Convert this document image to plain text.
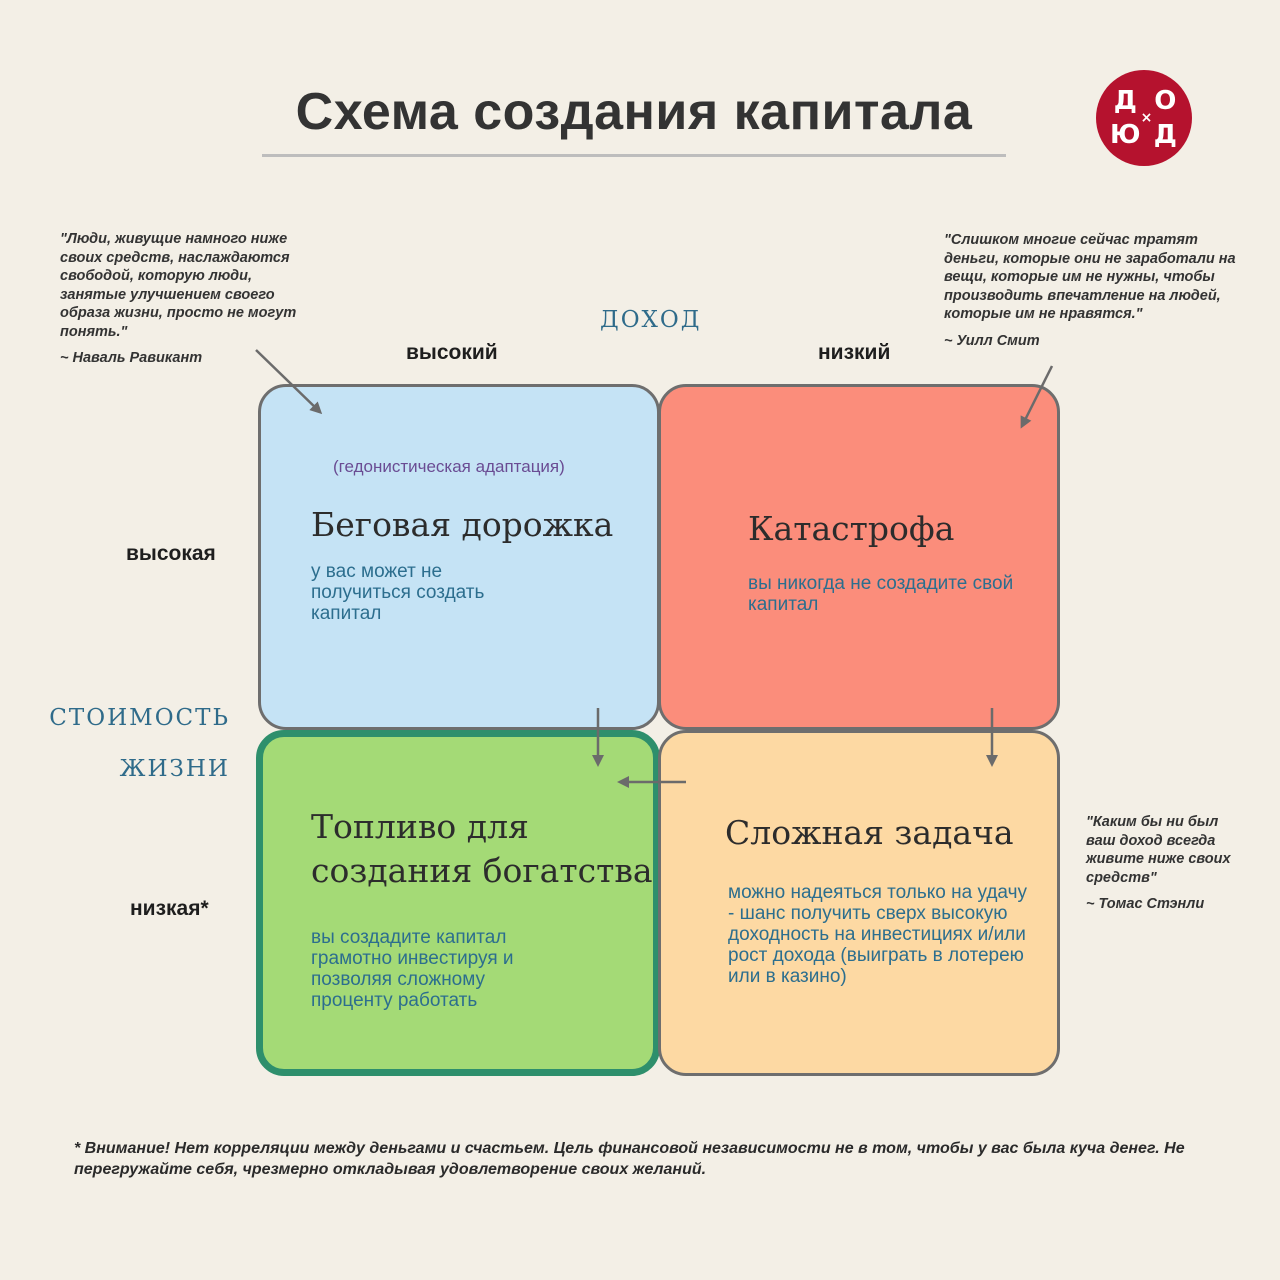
Схема создания капитала	Д
×
О
Ю Д
"Люди, живущие намного ниже своих средств, наслаждаются свободой, которую люди, занятые улучшением своего образа жизни, просто не могут понять."
~ Наваль Равикант
"Слишком многие сейчас тратят деньги, которые они не заработали на вещи, которые им не нужны, чтобы производить впечатление на людей, которые им не нравятся."
~ Уилл Смит
"Каким бы ни был ваш доход всегда живите ниже своих средств"
~ Томас Стэнли
доход
высокий	низкий
стоимость
жизни
высокая
низкая*
(гедонистическая адаптация)
Беговая дорожка
у вас может не получиться создать капитал
Катастрофа
вы никогда не создадите свой капитал
Топливо для
создания богатства
вы создадите капитал грамотно инвестируя и позволяя сложному проценту работать
Сложная задача
можно надеяться только на удачу - шанс получить сверх высокую доходность на инвестициях и/или рост дохода (выиграть в лотерею или в казино)
* Внимание! Нет корреляции между деньгами и счастьем. Цель финансовой независимости не в том, чтобы у вас была куча денег. Не перегружайте себя, чрезмерно откладывая удовлетворение своих желаний.
